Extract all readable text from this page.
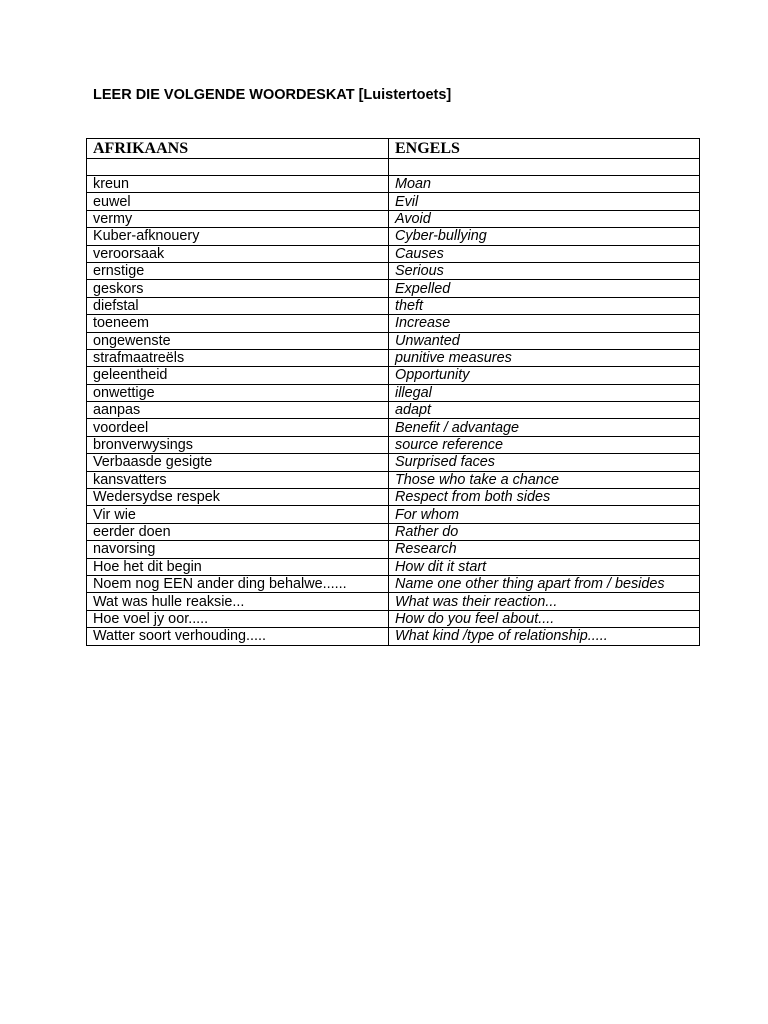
LEER DIE VOLGENDE WOORDESKAT [Luistertoets]
AFRIKAANS	ENGELS

kreun	Moan
euwel	Evil
vermy	Avoid
Kuber-afknouery	Cyber-bullying
veroorsaak	Causes
ernstige	Serious
geskors	Expelled
diefstal	theft
toeneem	Increase
ongewenste	Unwanted
strafmaatreëls	punitive measures
geleentheid	Opportunity
onwettige	illegal
aanpas	adapt
voordeel	Benefit / advantage
bronverwysings	source reference
Verbaasde gesigte	Surprised faces
kansvatters	Those who take a chance
Wedersydse respek	Respect from both sides
Vir wie	For whom
eerder doen	Rather do
navorsing	Research
Hoe het dit begin	How dit it start
Noem nog EEN ander ding behalwe......	Name one other thing apart from / besides
Wat was hulle reaksie...	What was their reaction...
Hoe voel jy oor.....	How do you feel about....
Watter soort verhouding.....	What kind /type of relationship.....
